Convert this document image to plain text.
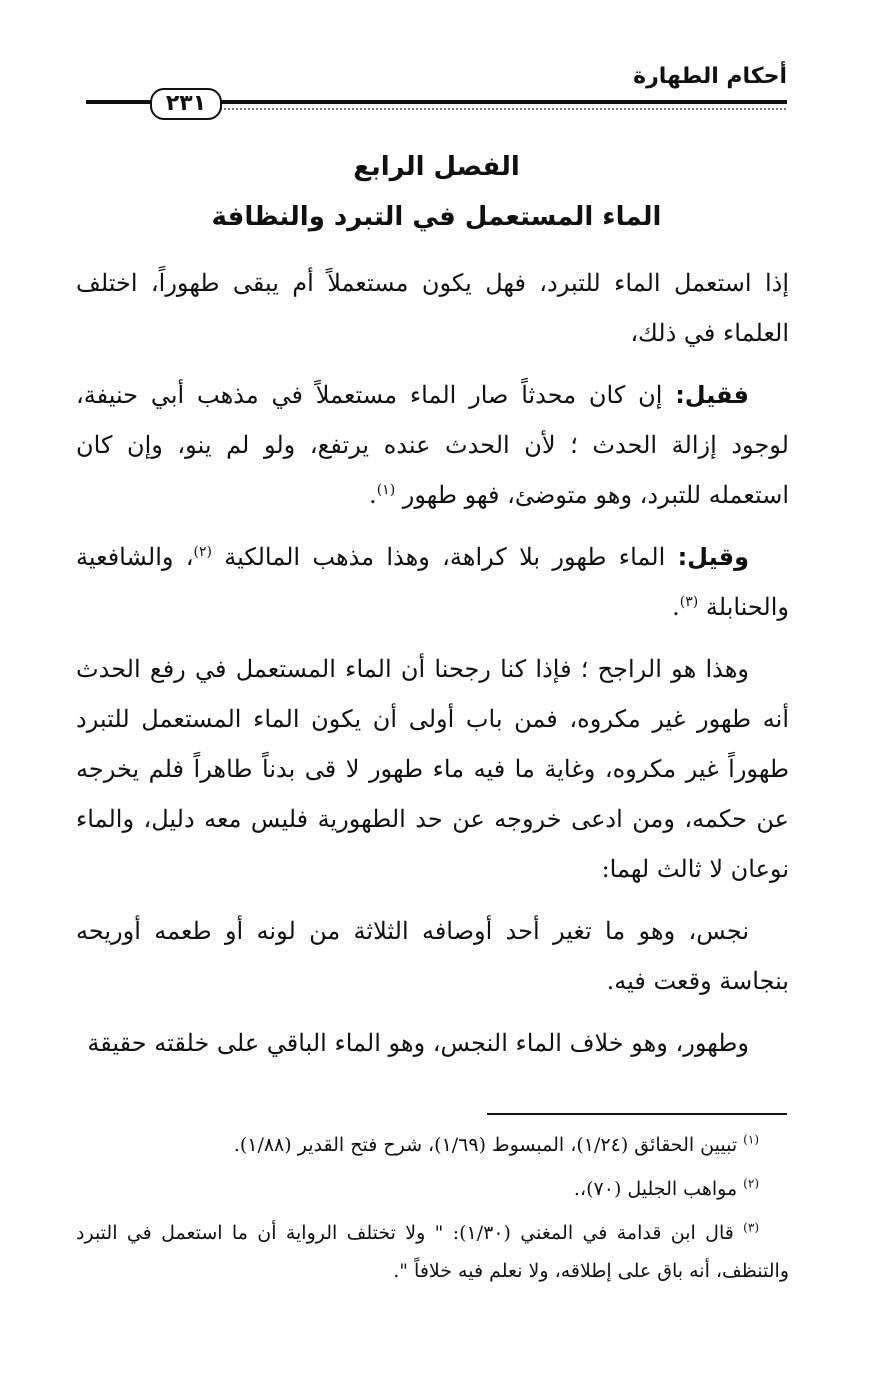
أحكام الطهارة
٢٣١
الفصل الرابع
الماء المستعمل في التبرد والنظافة

إذا استعمل الماء للتبرد، فهل يكون مستعملاً أم يبقى طهوراً، اختلف العلماء في ذلك،

فقيل: إن كان محدثاً صار الماء مستعملاً في مذهب أبي حنيفة، لوجود إزالة الحدث ؛ لأن الحدث عنده يرتفع، ولو لم ينو، وإن كان استعمله للتبرد، وهو متوضئ، فهو طهور $^{(١)}$.

وقيل: الماء طهور بلا كراهة، وهذا مذهب المالكية $^{(٢)}$، والشافعية والحنابلة $^{(٣)}$.

وهذا هو الراجح ؛ فإذا كنا رجحنا أن الماء المستعمل في رفع الحدث أنه طهور غير مكروه، فمن باب أولى أن يكون الماء المستعمل للتبرد طهوراً غير مكروه، وغاية ما فيه ماء طهور لا قى بدناً طاهراً فلم يخرجه عن حكمه، ومن ادعى خروجه عن حد الطهورية فليس معه دليل، والماء نوعان لا ثالث لهما:

نجس، وهو ما تغير أحد أوصافه الثلاثة من لونه أو طعمه أوريحه بنجاسة وقعت فيه.

وطهور، وهو خلاف الماء النجس، وهو الماء الباقي على خلقته حقيقة

$^{(١)}$ تبيين الحقائق (١/٢٤)، المبسوط (١/٦٩)، شرح فتح القدير (١/٨٨).

$^{(٢)}$ مواهب الجليل (٧٠)،.

$^{(٣)}$ قال ابن قدامة في المغني (١/٣٠): " ولا تختلف الرواية أن ما استعمل في التبرد والتنظف، أنه باق على إطلاقه، ولا نعلم فيه خلافاً ".
